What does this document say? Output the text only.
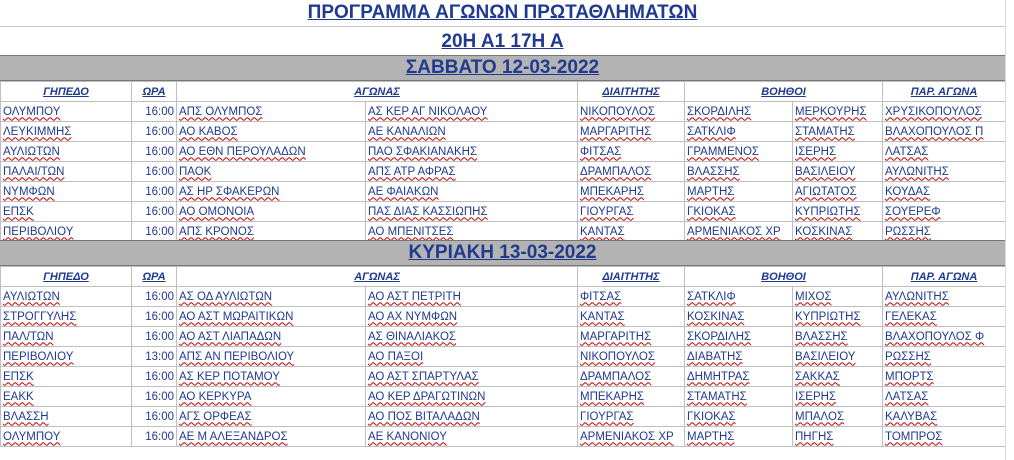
ΠΡΟΓΡΑΜΜΑ ΑΓΩΝΩΝ ΠΡΩΤΑΘΛΗΜΑΤΩΝ
20Η Α1 17Η Α
ΣΑΒΒΑΤΟ 12-03-2022
ΓΗΠΕΔΟ	ΩΡΑ	ΑΓΩΝΑΣ		ΔΙΑΙΤΗΤΗΣ	ΒΟΗΘΟΙ		ΠΑΡ. ΑΓΩΝΑ
ΟΛΥΜΠΟΥ	16:00	ΑΠΣ ΟΛΥΜΠΟΣ	ΑΣ ΚΕΡ ΑΓ ΝΙΚΟΛΑΟΥ	ΝΙΚΟΠΟΥΛΟΣ	ΣΚΟΡΔΙΛΗΣ	ΜΕΡΚΟΥΡΗΣ	ΧΡΥΣΙΚΟΠΟΥΛΟΣ
ΛΕΥΚΙΜΜΗΣ	16:00	ΑΟ ΚΑΒΟΣ	ΑΕ ΚΑΝΑΛΙΩΝ	ΜΑΡΓΑΡΙΤΗΣ	ΣΑΤΚΛΙΦ	ΣΤΑΜΑΤΗΣ	ΒΛΑΧΟΠΟΥΛΟΣ Π
ΑΥΛΙΩΤΩΝ	16:00	ΑΟ ΕΘΝ ΠΕΡΟΥΛΑΔΩΝ	ΠΑΟ ΣΦΑΚΙΑΝΑΚΗΣ	ΦΙΤΣΑΣ	ΓΡΑΜΜΕΝΟΣ	ΙΣΕΡΗΣ	ΛΑΤΣΑΣ
ΠΑΛΑΙ/ΤΩΝ	16:00	ΠΑΟΚ	ΑΠΣ ΑΤΡ ΑΦΡΑΣ	ΔΡΑΜΠΑΛΟΣ	ΒΛΑΣΣΗΣ	ΒΑΣΙΛΕΙΟΥ	ΑΥΛΩΝΙΤΗΣ
ΝΥΜΦΩΝ	16:00	ΑΣ ΗΡ ΣΦΑΚΕΡΩΝ	ΑΕ ΦΑΙΑΚΩΝ	ΜΠΕΚΑΡΗΣ	ΜΑΡΤΗΣ	ΑΓΙΩΤΑΤΟΣ	ΚΟΥΔΑΣ
ΕΠΣΚ	16:00	ΑΟ ΟΜΟΝΟΙΑ	ΠΑΣ ΔΙΑΣ ΚΑΣΣΙΩΠΗΣ	ΓΙΟΥΡΓΑΣ	ΓΚΙΟΚΑΣ	ΚΥΠΡΙΩΤΗΣ	ΣΟΥΕΡΕΦ
ΠΕΡΙΒΟΛΙΟΥ	16:00	ΑΠΣ ΚΡΟΝΟΣ	ΑΟ ΜΠΕΝΙΤΣΕΣ	ΚΑΝΤΑΣ	ΑΡΜΕΝΙΑΚΟΣ ΧΡ	ΚΟΣΚΙΝΑΣ	ΡΩΣΣΗΣ
ΚΥΡΙΑΚΗ 13-03-2022
ΓΗΠΕΔΟ	ΩΡΑ	ΑΓΩΝΑΣ		ΔΙΑΙΤΗΤΗΣ	ΒΟΗΘΟΙ		ΠΑΡ. ΑΓΩΝΑ
ΑΥΛΙΩΤΩΝ	16:00	ΑΣ ΟΔ ΑΥΛΙΩΤΩΝ	ΑΟ ΑΣΤ ΠΕΤΡΙΤΗ	ΦΙΤΣΑΣ	ΣΑΤΚΛΙΦ	ΜΙΧΟΣ	ΑΥΛΩΝΙΤΗΣ
ΣΤΡΟΓΓΥΛΗΣ	16:00	ΑΟ ΑΣΤ ΜΩΡΑΙΤΙΚΩΝ	ΑΟ ΑΧ ΝΥΜΦΩΝ	ΚΑΝΤΑΣ	ΚΟΣΚΙΝΑΣ	ΚΥΠΡΙΩΤΗΣ	ΓΕΛΕΚΑΣ
ΠΑΛ/ΤΩΝ	16:00	ΑΟ ΑΣΤ ΛΙΑΠΑΔΩΝ	ΑΣ ΘΙΝΑΛΙΑΚΟΣ	ΜΑΡΓΑΡΙΤΗΣ	ΣΚΟΡΔΙΛΗΣ	ΒΛΑΣΣΗΣ	ΒΛΑΧΟΠΟΥΛΟΣ Φ
ΠΕΡΙΒΟΛΙΟΥ	13:00	ΑΠΣ ΑΝ ΠΕΡΙΒΟΛΙΟΥ	ΑΟ ΠΑΞΟΙ	ΝΙΚΟΠΟΥΛΟΣ	ΔΙΑΒΑΤΗΣ	ΒΑΣΙΛΕΙΟΥ	ΡΩΣΣΗΣ
ΕΠΣΚ	16:00	ΑΣ ΚΕΡ ΠΟΤΑΜΟΥ	ΑΟ ΑΣΤ ΣΠΑΡΤΥΛΑΣ	ΔΡΑΜΠΑΛΟΣ	ΔΗΜΗΤΡΑΣ	ΣΑΚΚΑΣ	ΜΠΟΡΤΣ
ΕΑΚΚ	16:00	ΑΟ ΚΕΡΚΥΡΑ	ΑΟ ΚΕΡ ΔΡΑΓΩΤΙΝΩΝ	ΜΠΕΚΑΡΗΣ	ΣΤΑΜΑΤΗΣ	ΙΣΕΡΗΣ	ΛΑΤΣΑΣ
ΒΛΑΣΣΗ	16:00	ΑΓΣ ΟΡΦΕΑΣ	ΑΟ ΠΟΣ ΒΙΤΑΛΑΔΩΝ	ΓΙΟΥΡΓΑΣ	ΓΚΙΟΚΑΣ	ΜΠΑΛΟΣ	ΚΑΛΥΒΑΣ
ΟΛΥΜΠΟΥ	16:00	ΑΕ Μ ΑΛΕΞΑΝΔΡΟΣ	ΑΕ ΚΑΝΟΝΙΟΥ	ΑΡΜΕΝΙΑΚΟΣ ΧΡ	ΜΑΡΤΗΣ	ΠΗΓΗΣ	ΤΟΜΠΡΟΣ
